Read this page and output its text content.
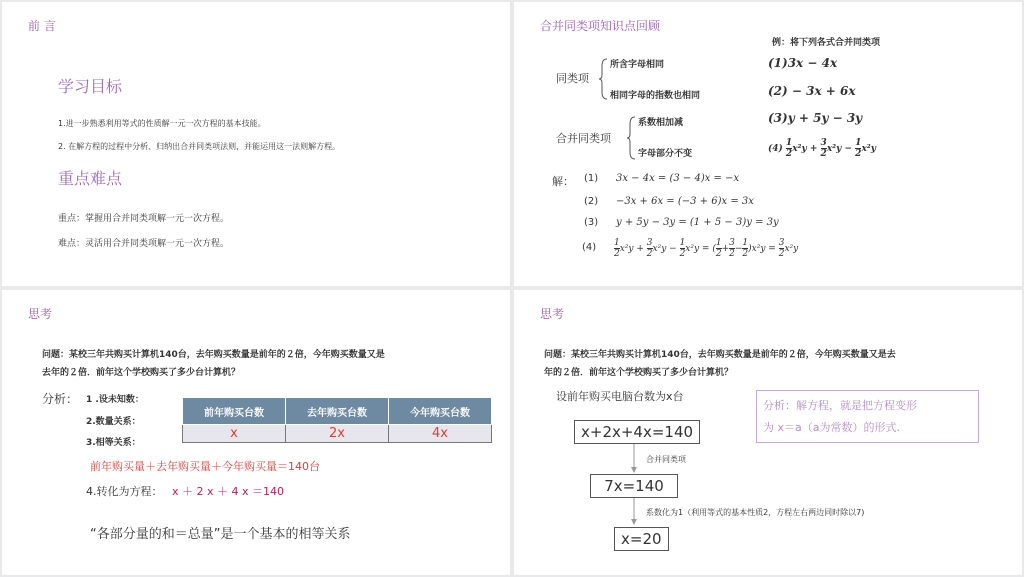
前 言
学习目标
1.进一步熟悉利用等式的性质解一元一次方程的基本技能。
2. 在解方程的过程中分析、归纳出合并同类项法则，并能运用这一法则解方程。
重点难点
重点：掌握用合并同类项解一元一次方程。
难点：灵活用合并同类项解一元一次方程。
合并同类项知识点回顾
例：将下列各式合并同类项
同类项
所含字母相同
相同字母的指数也相同
合并同类项
系数相加减
字母部分不变
(1)3x − 4x
(2) − 3x + 6x
(3)y + 5y − 3y
$(4) \frac{1}{2} x^2y + \frac{3}{2} x^2y - \frac{1}{2} x^2y$
解： (1) 3x − 4x = (3 − 4)x = −x
(2) −3x + 6x = (−3 + 6)x = 3x
(3) y + 5y − 3y = (1 + 5 − 3)y = 3y
$(4) \frac{1}{2} x^2y + \frac{3}{2} x^2y - \frac{1}{2} x^2y$ = ( $\frac{1}{2} + \frac{3}{2} - \frac{1}{2} )x^2y = \frac{3}{2} x^2y$
思考
问题：某校三年共购买计算机140台，去年购买数量是前年的２倍，今年购买数量又是
去年的２倍．前年这个学校购买了多少台计算机？
分析： 1 .设未知数：
2.数量关系：
3.相等关系：
前年购买台数	去年购买台数	今年购买台数
x	2x	4x
前年购买量＋去年购买量＋今年购买量＝140台
4.转化为方程： x ＋ 2 x ＋ 4 x ＝140
“各部分量的和＝总量”是一个基本的相等关系
思考
问题：某校三年共购买计算机140台，去年购买数量是前年的２倍，今年购买数量又是去
年的２倍．前年这个学校购买了多少台计算机？
设前年购买电脑台数为x台
分析：解方程，就是把方程变形
为 x＝a（a为常数）的形式.
x+2x+4x=140
合并同类项
7x=140
系数化为1（利用等式的基本性质2，方程左右两边同时除以7)
x=20
